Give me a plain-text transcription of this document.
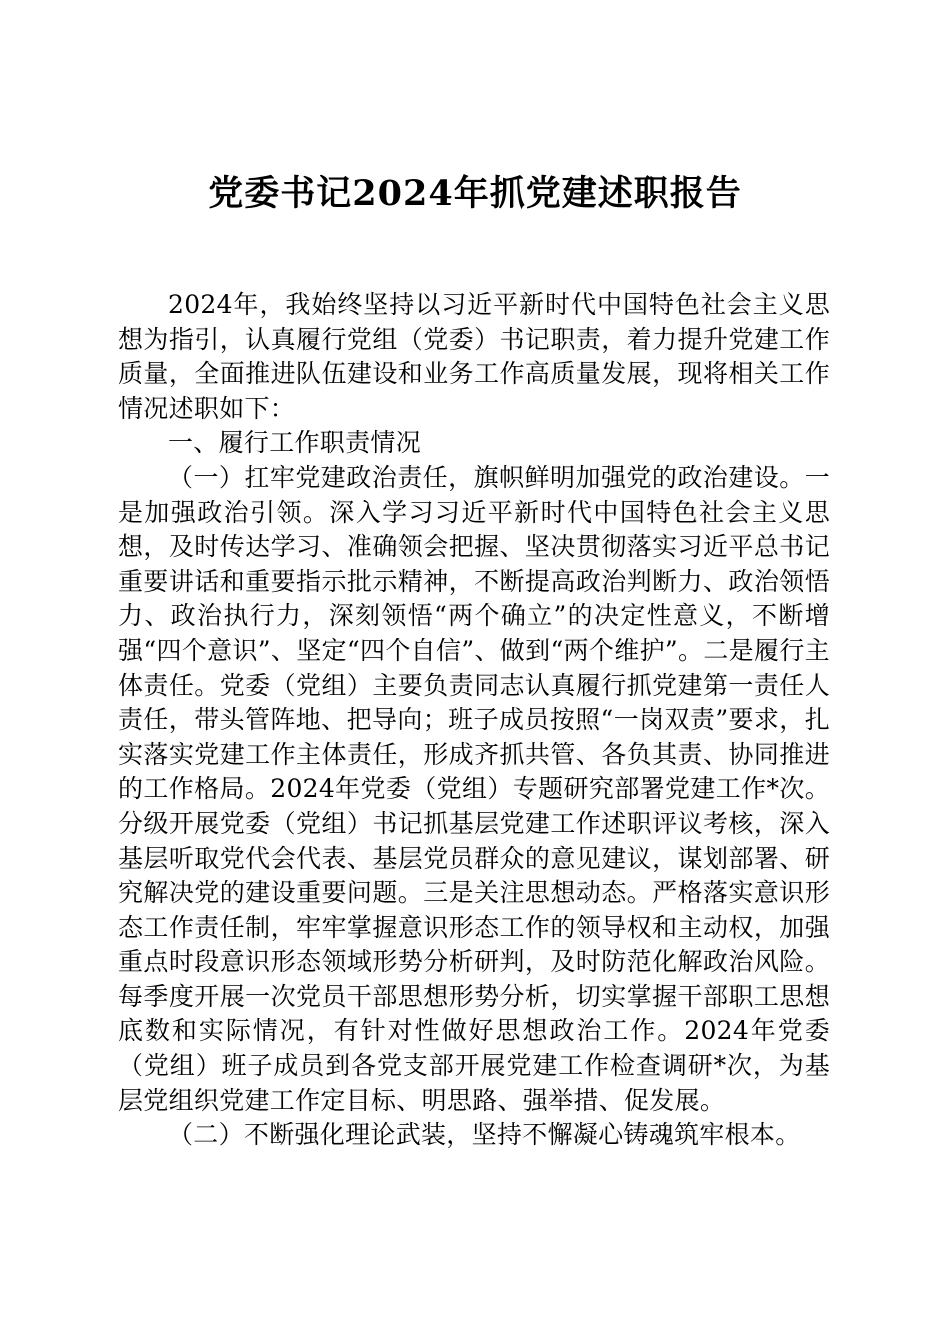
党委书记2024年抓党建述职报告

2024年，我始终坚持以习近平新时代中国特色社会主义思想为指引，认真履行党组（党委）书记职责，着力提升党建工作质量，全面推进队伍建设和业务工作高质量发展，现将相关工作情况述职如下：

一、履行工作职责情况

（一）扛牢党建政治责任，旗帜鲜明加强党的政治建设。一是加强政治引领。深入学习习近平新时代中国特色社会主义思想，及时传达学习、准确领会把握、坚决贯彻落实习近平总书记重要讲话和重要指示批示精神，不断提高政治判断力、政治领悟力、政治执行力，深刻领悟“两个确立”的决定性意义，不断增强“四个意识”、坚定“四个自信”、做到“两个维护”。二是履行主体责任。党委（党组）主要负责同志认真履行抓党建第一责任人责任，带头管阵地、把导向；班子成员按照“一岗双责”要求，扎实落实党建工作主体责任，形成齐抓共管、各负其责、协同推进的工作格局。2024年党委（党组）专题研究部署党建工作*次。分级开展党委（党组）书记抓基层党建工作述职评议考核，深入基层听取党代会代表、基层党员群众的意见建议，谋划部署、研究解决党的建设重要问题。三是关注思想动态。严格落实意识形态工作责任制，牢牢掌握意识形态工作的领导权和主动权，加强重点时段意识形态领域形势分析研判，及时防范化解政治风险。每季度开展一次党员干部思想形势分析，切实掌握干部职工思想底数和实际情况，有针对性做好思想政治工作。2024年党委（党组）班子成员到各党支部开展党建工作检查调研*次，为基层党组织党建工作定目标、明思路、强举措、促发展。

（二）不断强化理论武装，坚持不懈凝心铸魂筑牢根本。
